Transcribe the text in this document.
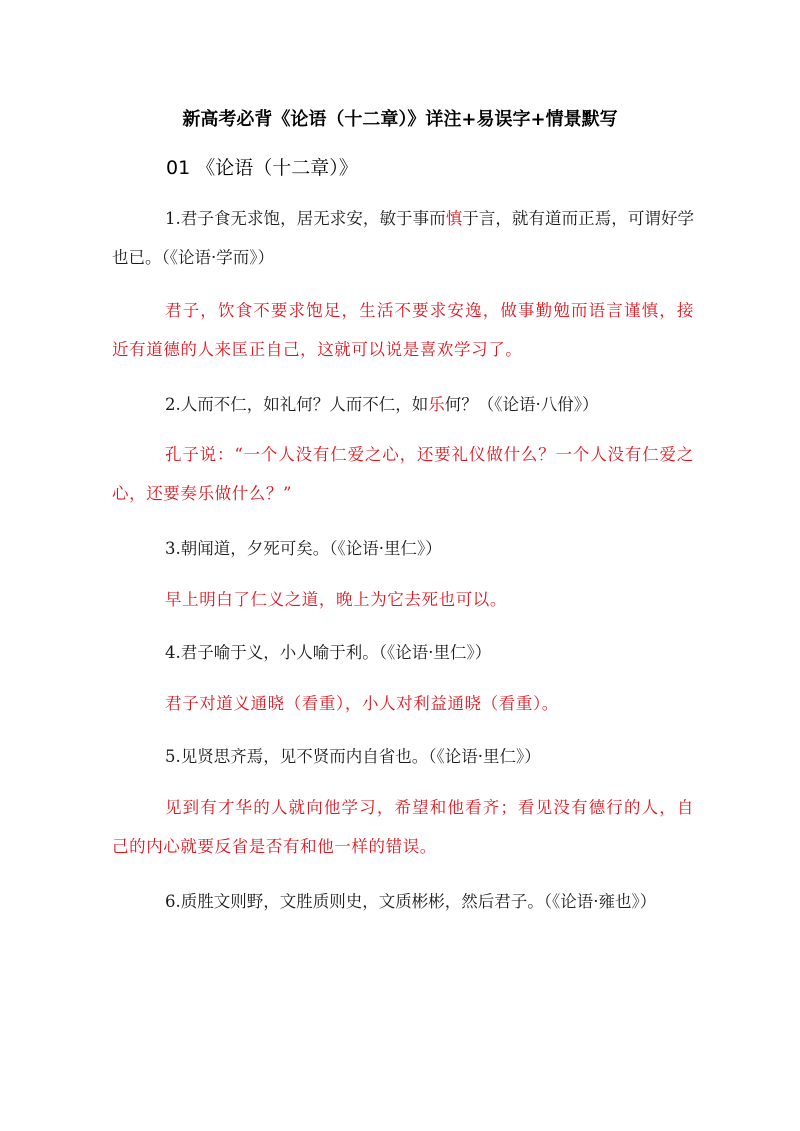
新高考必背《论语（十二章）》详注+易误字+情景默写
01 《论语（十二章）》

1.君子食无求饱，居无求安，敏于事而慎于言，就有道而正焉，可谓好学也已。（《论语·学而》）

君子，饮食不要求饱足，生活不要求安逸，做事勤勉而语言谨慎，接近有道德的人来匡正自己，这就可以说是喜欢学习了。

2.人而不仁，如礼何？人而不仁，如乐何？（《论语·八佾》）

孔子说：“一个人没有仁爱之心，还要礼仪做什么？一个人没有仁爱之心，还要奏乐做什么？”

3.朝闻道，夕死可矣。（《论语·里仁》）

早上明白了仁义之道，晚上为它去死也可以。

4.君子喻于义，小人喻于利。（《论语·里仁》）

君子对道义通晓（看重），小人对利益通晓（看重）。

5.见贤思齐焉，见不贤而内自省也。（《论语·里仁》）

见到有才华的人就向他学习，希望和他看齐；看见没有德行的人，自己的内心就要反省是否有和他一样的错误。

6.质胜文则野，文胜质则史，文质彬彬，然后君子。（《论语·雍也》）
